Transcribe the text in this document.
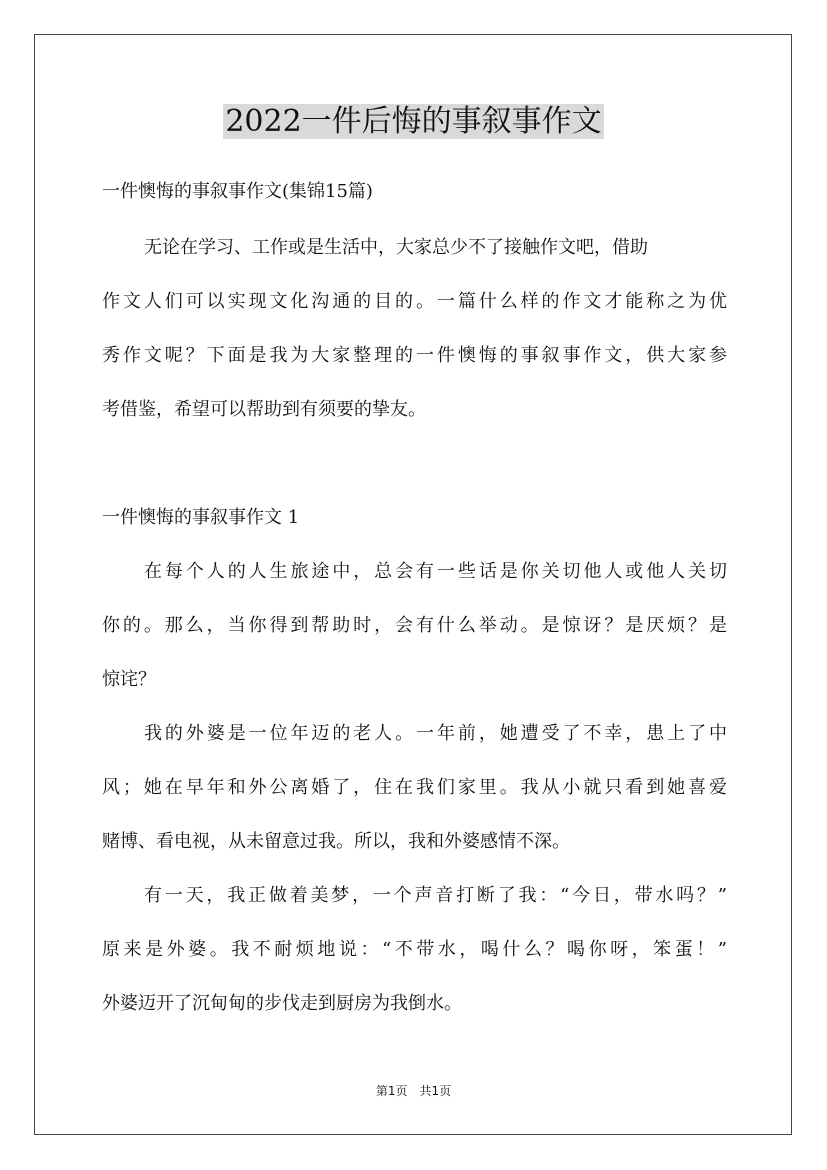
2022一件后悔的事叙事作文
一件懊悔的事叙事作文(集锦15篇)
无论在学习、工作或是生活中，大家总少不了接触作文吧，借助
作文人们可以实现文化沟通的目的。一篇什么样的作文才能称之为优
秀作文呢？下面是我为大家整理的一件懊悔的事叙事作文，供大家参
考借鉴，希望可以帮助到有须要的挚友。
一件懊悔的事叙事作文 1
在每个人的人生旅途中，总会有一些话是你关切他人或他人关切
你的。那么，当你得到帮助时，会有什么举动。是惊讶？是厌烦？是
惊诧？
我的外婆是一位年迈的老人。一年前，她遭受了不幸，患上了中
风；她在早年和外公离婚了，住在我们家里。我从小就只看到她喜爱
赌博、看电视，从未留意过我。所以，我和外婆感情不深。
有一天，我正做着美梦，一个声音打断了我：“今日，带水吗？”
原来是外婆。我不耐烦地说：“不带水，喝什么？喝你呀，笨蛋！”
外婆迈开了沉甸甸的步伐走到厨房为我倒水。
第1页 共1页
